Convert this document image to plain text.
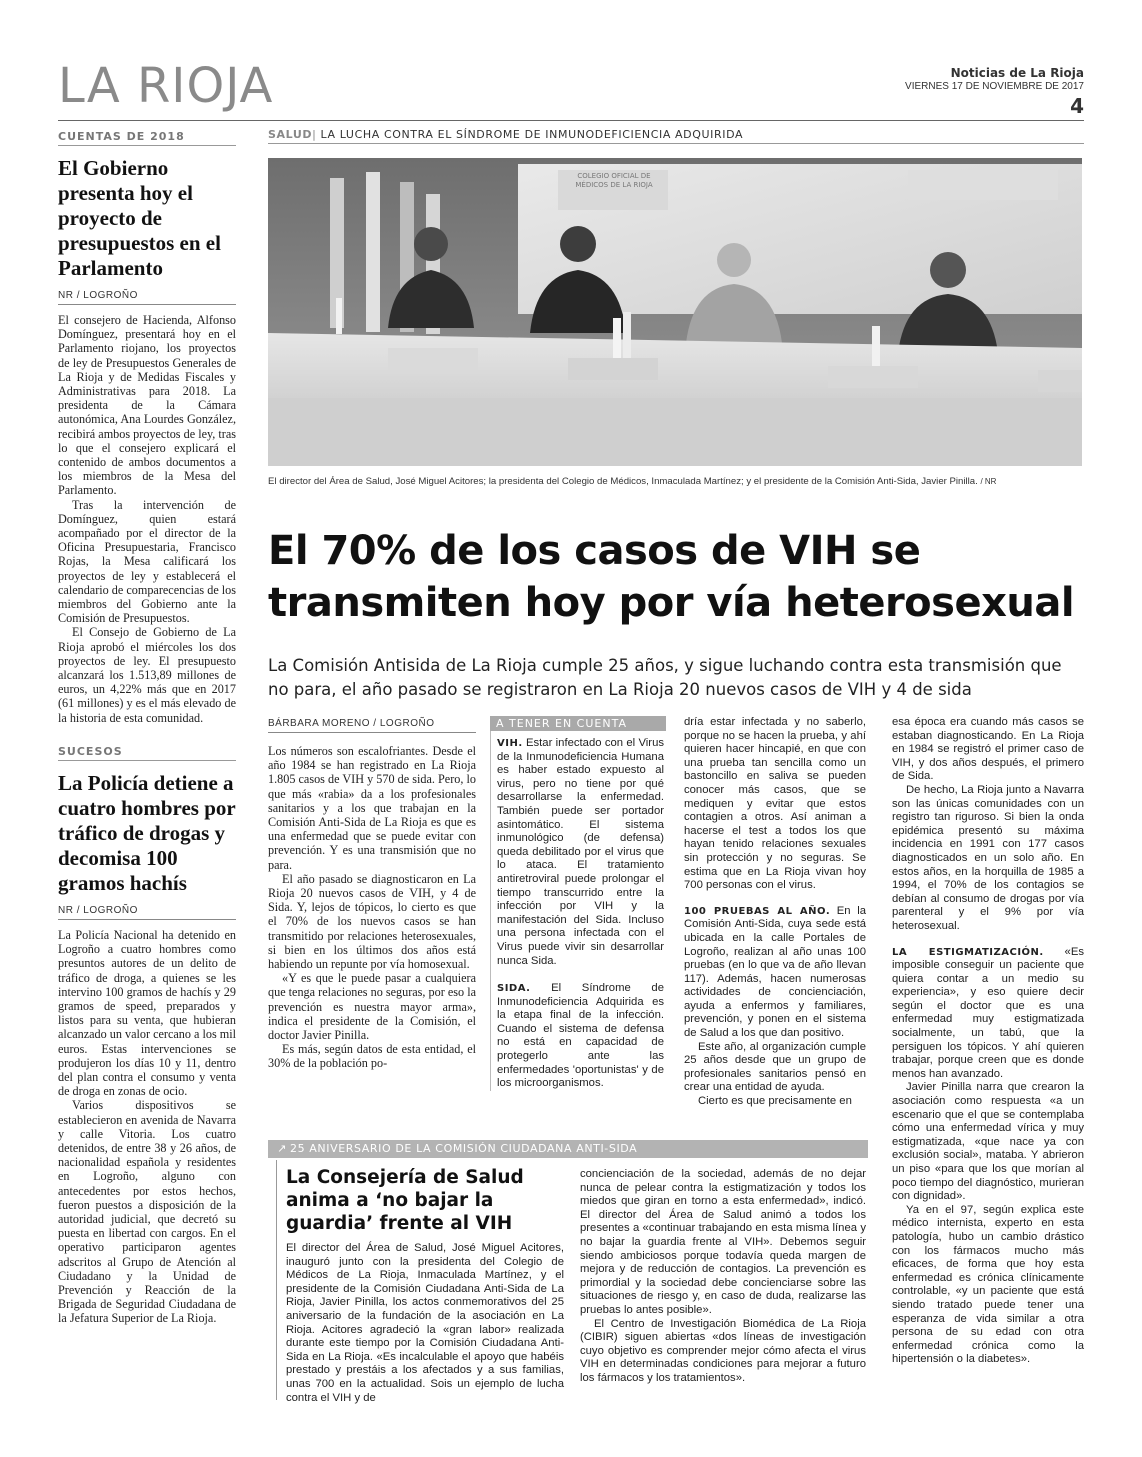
LA RIOJA	Noticias de La Rioja
VIERNES 17 DE NOVIEMBRE DE 2017
4
CUENTAS DE 2018
El Gobierno presenta hoy el proyecto de presupuestos en el Parlamento
NR / LOGROÑO

El consejero de Hacienda, Alfonso Domínguez, presentará hoy en el Parlamento riojano, los proyectos de ley de Presupuestos Generales de La Rioja y de Medidas Fiscales y Administrativas para 2018. La presidenta de la Cámara autonómica, Ana Lourdes González, recibirá ambos proyectos de ley, tras lo que el consejero explicará el contenido de ambos documentos a los miembros de la Mesa del Parlamento.

Tras la intervención de Domínguez, quien estará acompañado por el director de la Oficina Presupuestaria, Francisco Rojas, la Mesa calificará los proyectos de ley y establecerá el calendario de comparecencias de los miembros del Gobierno ante la Comisión de Presupuestos.

El Consejo de Gobierno de La Rioja aprobó el miércoles los dos proyectos de ley. El presupuesto alcanzará los 1.513,89 millones de euros, un 4,22% más que en 2017 (61 millones) y es el más elevado de la historia de esta comunidad.

SUCESOS
La Policía detiene a cuatro hombres por tráfico de drogas y decomisa 100 gramos hachís
NR / LOGROÑO

La Policía Nacional ha detenido en Logroño a cuatro hombres como presuntos autores de un delito de tráfico de droga, a quienes se les intervino 100 gramos de hachís y 29 gramos de speed, preparados y listos para su venta, que hubieran alcanzado un valor cercano a los mil euros. Estas intervenciones se produjeron los días 10 y 11, dentro del plan contra el consumo y venta de droga en zonas de ocio.

Varios dispositivos se establecieron en avenida de Navarra y calle Vitoria. Los cuatro detenidos, de entre 38 y 26 años, de nacionalidad española y residentes en Logroño, alguno con antecedentes por estos hechos, fueron puestos a disposición de la autoridad judicial, que decretó su puesta en libertad con cargos. En el operativo participaron agentes adscritos al Grupo de Atención al Ciudadano y la Unidad de Prevención y Reacción de la Brigada de Seguridad Ciudadana de la Jefatura Superior de La Rioja.

SALUD| LA LUCHA CONTRA EL SÍNDROME DE INMUNODEFICIENCIA ADQUIRIDA
COLEGIO OFICIAL DE MÉDICOS DE LA RIOJA
El director del Área de Salud, José Miguel Acitores; la presidenta del Colegio de Médicos, Inmaculada Martínez; y el presidente de la Comisión Anti-Sida, Javier Pinilla. / NR
El 70% de los casos de VIH se transmiten hoy por vía heterosexual
La Comisión Antisida de La Rioja cumple 25 años, y sigue luchando contra esta transmisión que no para, el año pasado se registraron en La Rioja 20 nuevos casos de VIH y 4 de sida
BÁRBARA MORENO / LOGROÑO

Los números son escalofriantes. Desde el año 1984 se han registrado en La Rioja 1.805 casos de VIH y 570 de sida. Pero, lo que más «rabia» da a los profesionales sanitarios y a los que trabajan en la Comisión Anti-Sida de La Rioja es que es una enfermedad que se puede evitar con prevención. Y es una transmisión que no para.

El año pasado se diagnosticaron en La Rioja 20 nuevos casos de VIH, y 4 de Sida. Y, lejos de tópicos, lo cierto es que el 70% de los nuevos casos se han transmitido por relaciones heterosexuales, si bien en los últimos dos años está habiendo un repunte por vía homosexual.

«Y es que le puede pasar a cualquiera que tenga relaciones no seguras, por eso la prevención es nuestra mayor arma», indica el presidente de la Comisión, el doctor Javier Pinilla.

Es más, según datos de esta entidad, el 30% de la población po-

A TENER EN CUENTA

VIH. Estar infectado con el Virus de la Inmunodeficiencia Humana es haber estado expuesto al virus, pero no tiene por qué desarrollarse la enfermedad. También puede ser portador asintomático. El sistema inmunológico (de defensa) queda debilitado por el virus que lo ataca. El tratamiento antiretroviral puede prolongar el tiempo transcurrido entre la infección por VIH y la manifestación del Sida. Incluso una persona infectada con el Virus puede vivir sin desarrollar nunca Sida.

SIDA. El Síndrome de Inmunodeficiencia Adquirida es la etapa final de la infección. Cuando el sistema de defensa no está en capacidad de protegerlo ante las enfermedades 'oportunistas' y de los microorganismos.

dría estar infectada y no saberlo, porque no se hacen la prueba, y ahí quieren hacer hincapié, en que con una prueba tan sencilla como un bastoncillo en saliva se pueden conocer más casos, que se mediquen y evitar que estos contagien a otros. Así animan a hacerse el test a todos los que hayan tenido relaciones sexuales sin protección y no seguras. Se estima que en La Rioja vivan hoy 700 personas con el virus.

100 PRUEBAS AL AÑO. En la Comisión Anti-Sida, cuya sede está ubicada en la calle Portales de Logroño, realizan al año unas 100 pruebas (en lo que va de año llevan 117). Además, hacen numerosas actividades de concienciación, ayuda a enfermos y familiares, prevención, y ponen en el sistema de Salud a los que dan positivo.

Este año, al organización cumple 25 años desde que un grupo de profesionales sanitarios pensó en crear una entidad de ayuda.

Cierto es que precisamente en

esa época era cuando más casos se estaban diagnosticando. En La Rioja en 1984 se registró el primer caso de VIH, y dos años después, el primero de Sida.

De hecho, La Rioja junto a Navarra son las únicas comunidades con un registro tan riguroso. Si bien la onda epidémica presentó su máxima incidencia en 1991 con 177 casos diagnosticados en un solo año. En estos años, en la horquilla de 1985 a 1994, el 70% de los contagios se debían al consumo de drogas por vía parenteral y el 9% por vía heterosexual.

LA ESTIGMATIZACIÓN. «Es imposible conseguir un paciente que quiera contar a un medio su experiencia», y eso quiere decir según el doctor que es una enfermedad muy estigmatizada socialmente, un tabú, que la persiguen los tópicos. Y ahí quieren trabajar, porque creen que es donde menos han avanzado.

Javier Pinilla narra que crearon la asociación como respuesta «a un escenario que el que se contemplaba cómo una enfermedad vírica y muy estigmatizada, «que nace ya con exclusión social», mataba. Y abrieron un piso «para que los que morían al poco tiempo del diagnóstico, murieran con dignidad».

Ya en el 97, según explica este médico internista, experto en esta patología, hubo un cambio drástico con los fármacos mucho más eficaces, de forma que hoy esta enfermedad es crónica clínicamente controlable, «y un paciente que está siendo tratado puede tener una esperanza de vida similar a otra persona de su edad con otra enfermedad crónica como la hipertensión o la diabetes».

↗ 25 ANIVERSARIO DE LA COMISIÓN CIUDADANA ANTI-SIDA
La Consejería de Salud anima a ‘no bajar la guardia’ frente al VIH

El director del Área de Salud, José Miguel Acitores, inauguró junto con la presidenta del Colegio de Médicos de La Rioja, Inmaculada Martínez, y el presidente de la Comisión Ciudadana Anti-Sida de La Rioja, Javier Pinilla, los actos conmemorativos del 25 aniversario de la fundación de la asociación en La Rioja. Acitores agradeció la «gran labor» realizada durante este tiempo por la Comisión Ciudadana Anti-Sida en La Rioja. «Es incalculable el apoyo que habéis prestado y prestáis a los afectados y a sus familias, unas 700 en la actualidad. Sois un ejemplo de lucha contra el VIH y de

concienciación de la sociedad, además de no dejar nunca de pelear contra la estigmatización y todos los miedos que giran en torno a esta enfermedad», indicó. El director del Área de Salud animó a todos los presentes a «continuar trabajando en esta misma línea y no bajar la guardia frente al VIH». Debemos seguir siendo ambiciosos porque todavía queda margen de mejora y de reducción de contagios. La prevención es primordial y la sociedad debe concienciarse sobre las situaciones de riesgo y, en caso de duda, realizarse las pruebas lo antes posible».

El Centro de Investigación Biomédica de La Rioja (CIBIR) siguen abiertas «dos líneas de investigación cuyo objetivo es comprender mejor cómo afecta el virus VIH en determinadas condiciones para mejorar a futuro los fármacos y los tratamientos».
